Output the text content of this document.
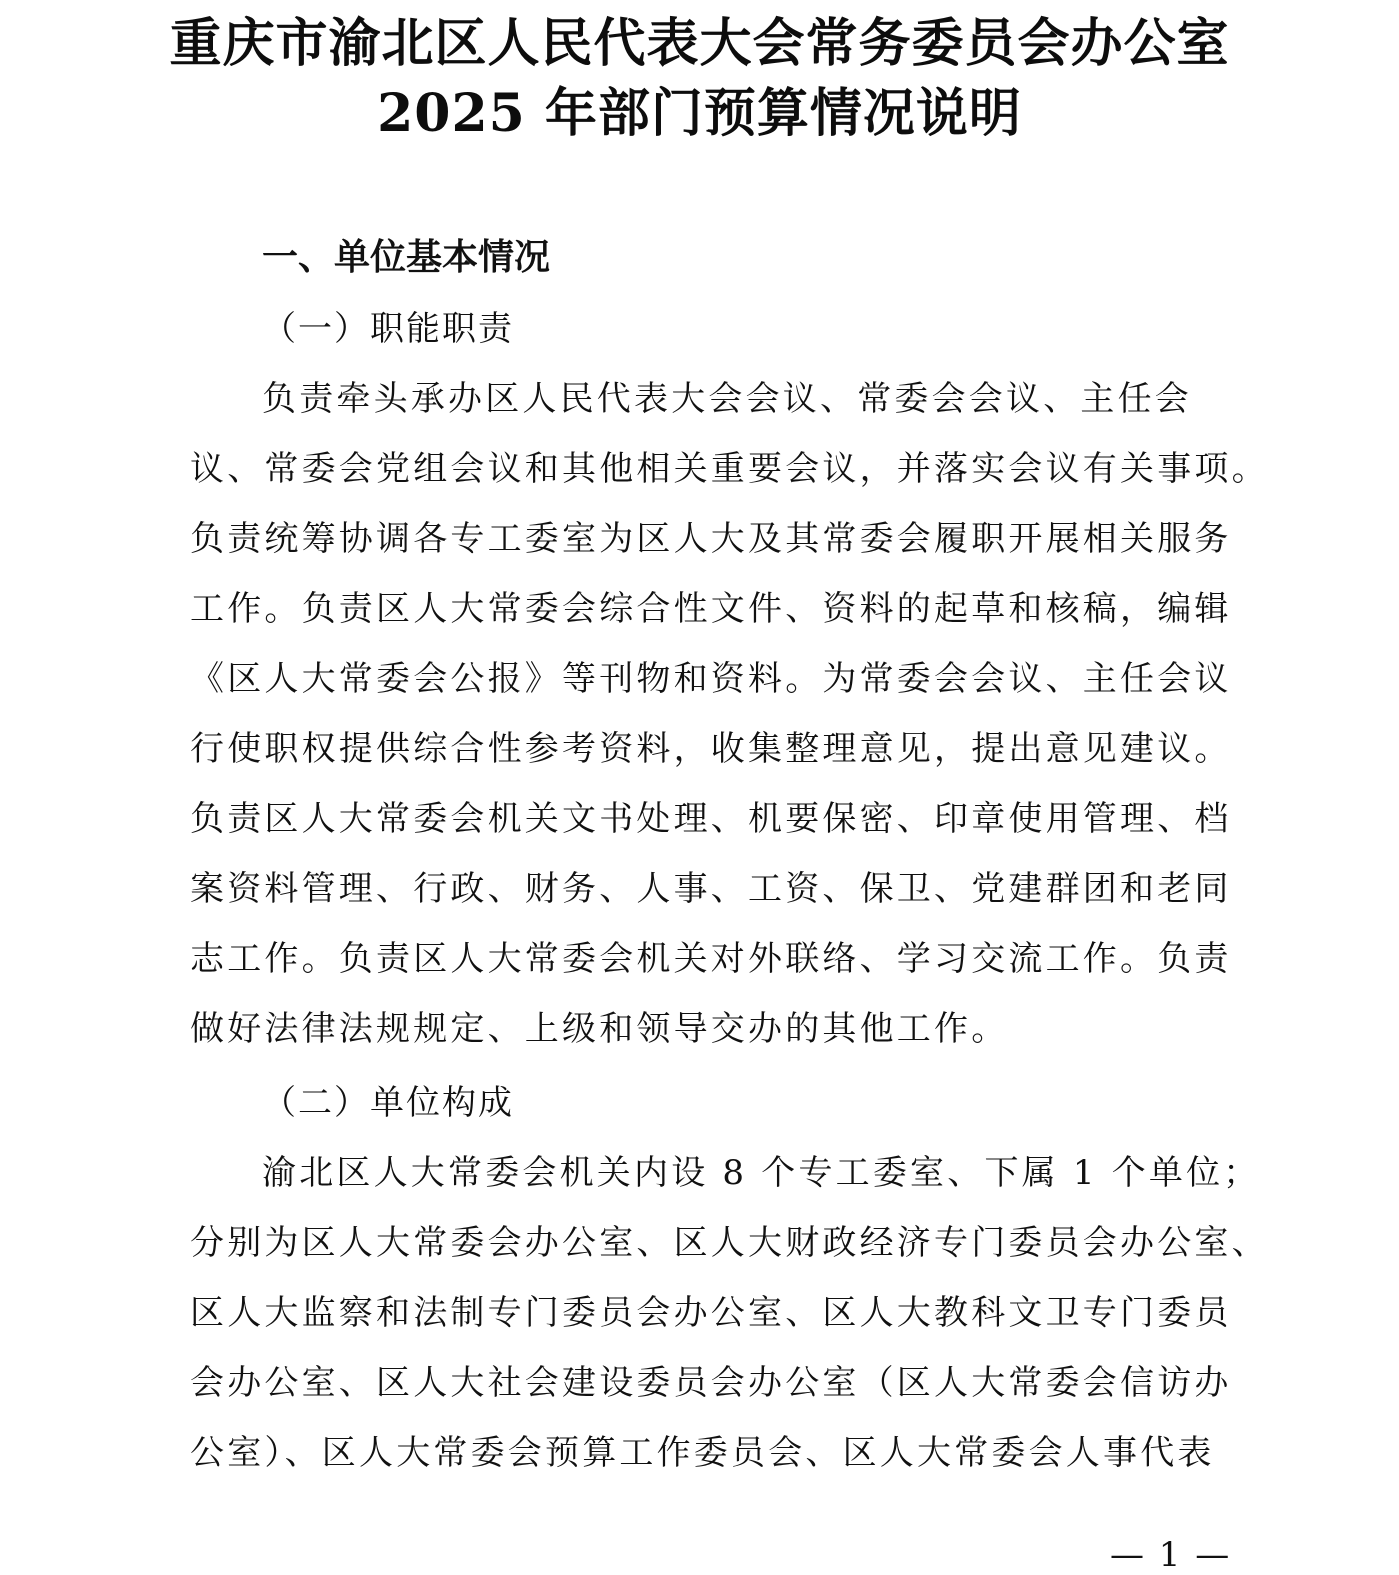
重庆市渝北区人民代表大会常务委员会办公室
2025 年部门预算情况说明
一、单位基本情况
（一）职能职责
负责牵头承办区人民代表大会会议、常委会会议、主任会
议、常委会党组会议和其他相关重要会议，并落实会议有关事项。
负责统筹协调各专工委室为区人大及其常委会履职开展相关服务
工作。负责区人大常委会综合性文件、资料的起草和核稿，编辑
《区人大常委会公报》等刊物和资料。为常委会会议、主任会议
行使职权提供综合性参考资料，收集整理意见，提出意见建议。
负责区人大常委会机关文书处理、机要保密、印章使用管理、档
案资料管理、行政、财务、人事、工资、保卫、党建群团和老同
志工作。负责区人大常委会机关对外联络、学习交流工作。负责
做好法律法规规定、上级和领导交办的其他工作。
（二）单位构成
渝北区人大常委会机关内设 8 个专工委室、下属 1 个单位；
分别为区人大常委会办公室、区人大财政经济专门委员会办公室、
区人大监察和法制专门委员会办公室、区人大教科文卫专门委员
会办公室、区人大社会建设委员会办公室（区人大常委会信访办
公室）、区人大常委会预算工作委员会、区人大常委会人事代表
— 1 —
